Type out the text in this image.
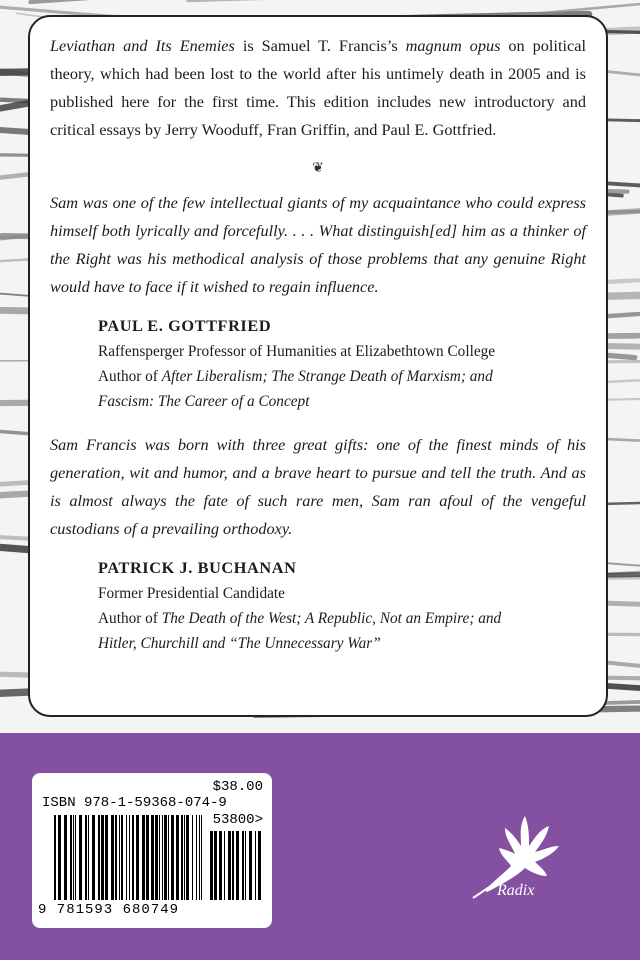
Leviathan and Its Enemies is Samuel T. Francis’s magnum opus on political theory, which had been lost to the world after his untimely death in 2005 and is published here for the first time. This edition includes new introductory and critical essays by Jerry Wooduff, Fran Griffin, and Paul E. Gottfried.

❦

Sam was one of the few intellectual giants of my acquaintance who could express himself both lyrically and forcefully. . . . What distinguish[ed] him as a thinker of the Right was his methodical analysis of those problems that any genuine Right would have to face if it wished to regain influence.

PAUL E. GOTTFRIED
Raffensperger Professor of Humanities at Elizabethtown College
Author of After Liberalism; The Strange Death of Marxism; and
Fascism: The Career of a Concept

Sam Francis was born with three great gifts: one of the finest minds of his generation, wit and humor, and a brave heart to pursue and tell the truth. And as is almost always the fate of such rare men, Sam ran afoul of the vengeful custodians of a prevailing orthodoxy.

PATRICK J. BUCHANAN
Former Presidential Candidate
Author of The Death of the West; A Republic, Not an Empire; and
Hitler, Churchill and “The Unnecessary War”
$38.00
ISBN 978-1-59368-074-9
53800>
9 781593 680749
Radix
